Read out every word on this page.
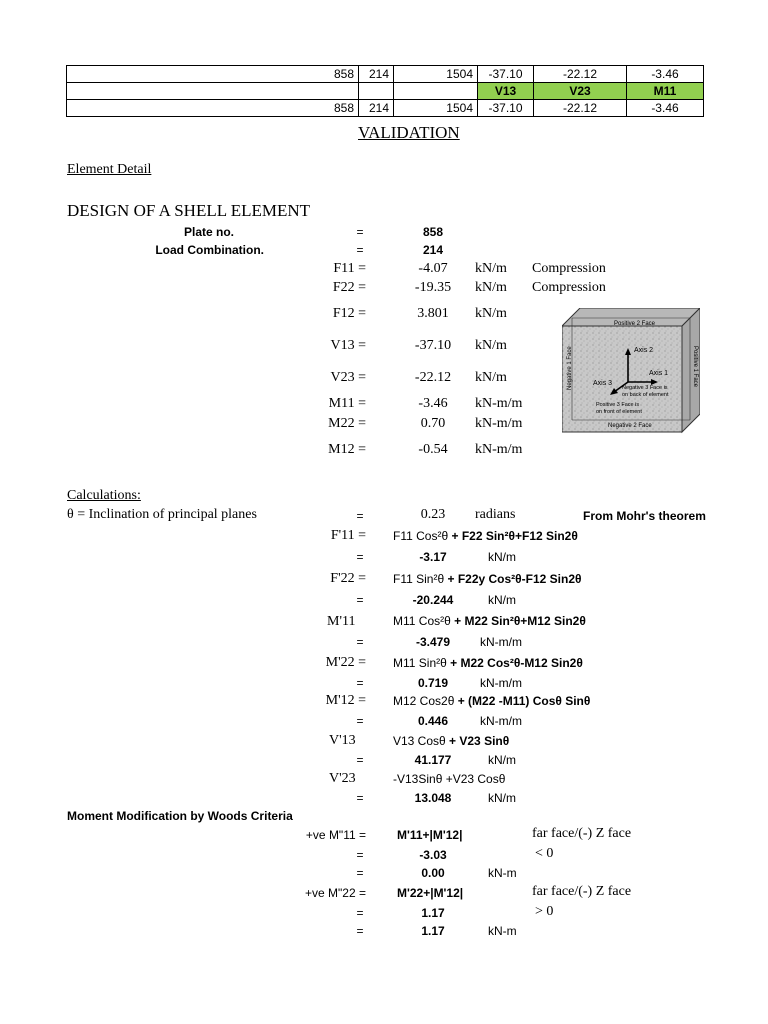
858	214	1504	-37.10	-22.12	-3.46
			V13	V23	M11
858	214	1504	-37.10	-22.12	-3.46
VALIDATION
Element Detail
DESIGN OF A SHELL ELEMENT
Plate no.	=	858
Load Combination.	=	214
F11 =	-4.07	kN/m Compression
F22 =	-19.35	kN/m Compression
F12 =	3.801	kN/m
V13 =	-37.10	kN/m
V23 =	-22.12	kN/m
M11 =	-3.46	kN-m/m
M22 =	0.70	kN-m/m
M12 =	-0.54	kN-m/m
Positive 2 Face
Negative 2 Face
Negative 1 Face	Positive 1 Face
Axis 2
Axis 1
Axis 3
Negative 3 Face is
on back of element
Positive 3 Face is
on front of element
Calculations:
θ = Inclination of principal planes	=	0.23	radians	From Mohr's theorem
F'11 = F11 Cos²θ + F22 Sin²θ+F12 Sin2θ
=	-3.17	kN/m
F'22 = F11 Sin²θ + F22y Cos²θ-F12 Sin2θ
=	-20.244	kN/m
M'11	M11 Cos²θ + M22 Sin²θ+M12 Sin2θ
=	-3.479	kN-m/m
M'22 = M11 Sin²θ + M22 Cos²θ-M12 Sin2θ
=	0.719	kN-m/m
M'12 = M12 Cos2θ + (M22 -M11) Cosθ Sinθ
=	0.446	kN-m/m
V'13	V13 Cosθ + V23 Sinθ
=	41.177	kN/m
V'23	-V13Sinθ +V23 Cosθ
=	13.048	kN/m
Moment Modification by Woods Criteria
+ve M"11 =	M'11+|M'12|	far face/(-) Z face
=	-3.03	< 0
=	0.00	kN-m
+ve M"22 =	M'22+|M'12|	far face/(-) Z face
=	1.17	> 0
=	1.17	kN-m
